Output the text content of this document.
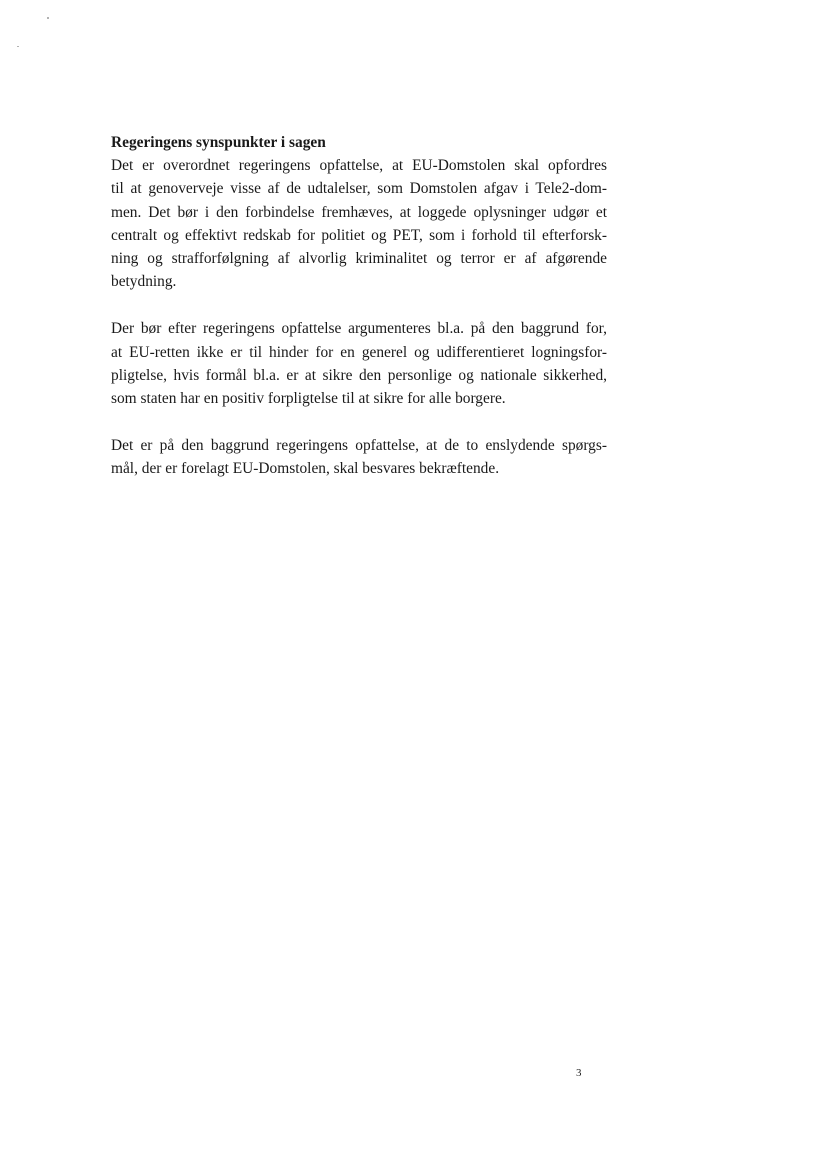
Regeringens synspunkter i sagen
Det er overordnet regeringens opfattelse, at EU-Domstolen skal opfordres
til at genoverveje visse af de udtalelser, som Domstolen afgav i Tele2-dom-
men. Det bør i den forbindelse fremhæves, at loggede oplysninger udgør et
centralt og effektivt redskab for politiet og PET, som i forhold til efterforsk-
ning og strafforfølgning af alvorlig kriminalitet og terror er af afgørende
betydning.
Der bør efter regeringens opfattelse argumenteres bl.a. på den baggrund for,
at EU-retten ikke er til hinder for en generel og udifferentieret logningsfor-
pligtelse, hvis formål bl.a. er at sikre den personlige og nationale sikkerhed,
som staten har en positiv forpligtelse til at sikre for alle borgere.
Det er på den baggrund regeringens opfattelse, at de to enslydende spørgs-
mål, der er forelagt EU-Domstolen, skal besvares bekræftende.
3
